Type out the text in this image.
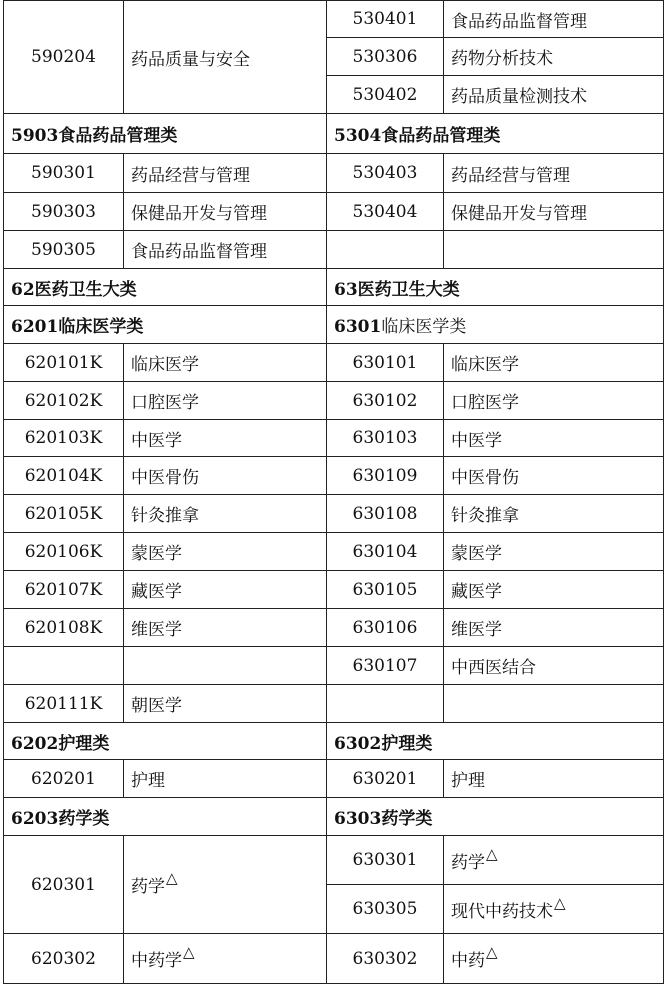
590204	药品质量与安全	530401	食品药品监督管理
		530306	药物分析技术
		530402	药品质量检测技术
5903食品药品管理类		5304食品药品管理类	
590301	药品经营与管理	530403	药品经营与管理
590303	保健品开发与管理	530404	保健品开发与管理
590305	食品药品监督管理		
62医药卫生大类		63医药卫生大类	
6201临床医学类		6301临床医学类	
620101K	临床医学	630101	临床医学
620102K	口腔医学	630102	口腔医学
620103K	中医学	630103	中医学
620104K	中医骨伤	630109	中医骨伤
620105K	针灸推拿	630108	针灸推拿
620106K	蒙医学	630104	蒙医学
620107K	藏医学	630105	藏医学
620108K	维医学	630106	维医学
		630107	中西医结合
620111K	朝医学		
6202护理类		6302护理类	
620201	护理	630201	护理
6203药学类		6303药学类	
620301	药学△	630301	药学△
		630305	现代中药技术△
620302	中药学△	630302	中药△
